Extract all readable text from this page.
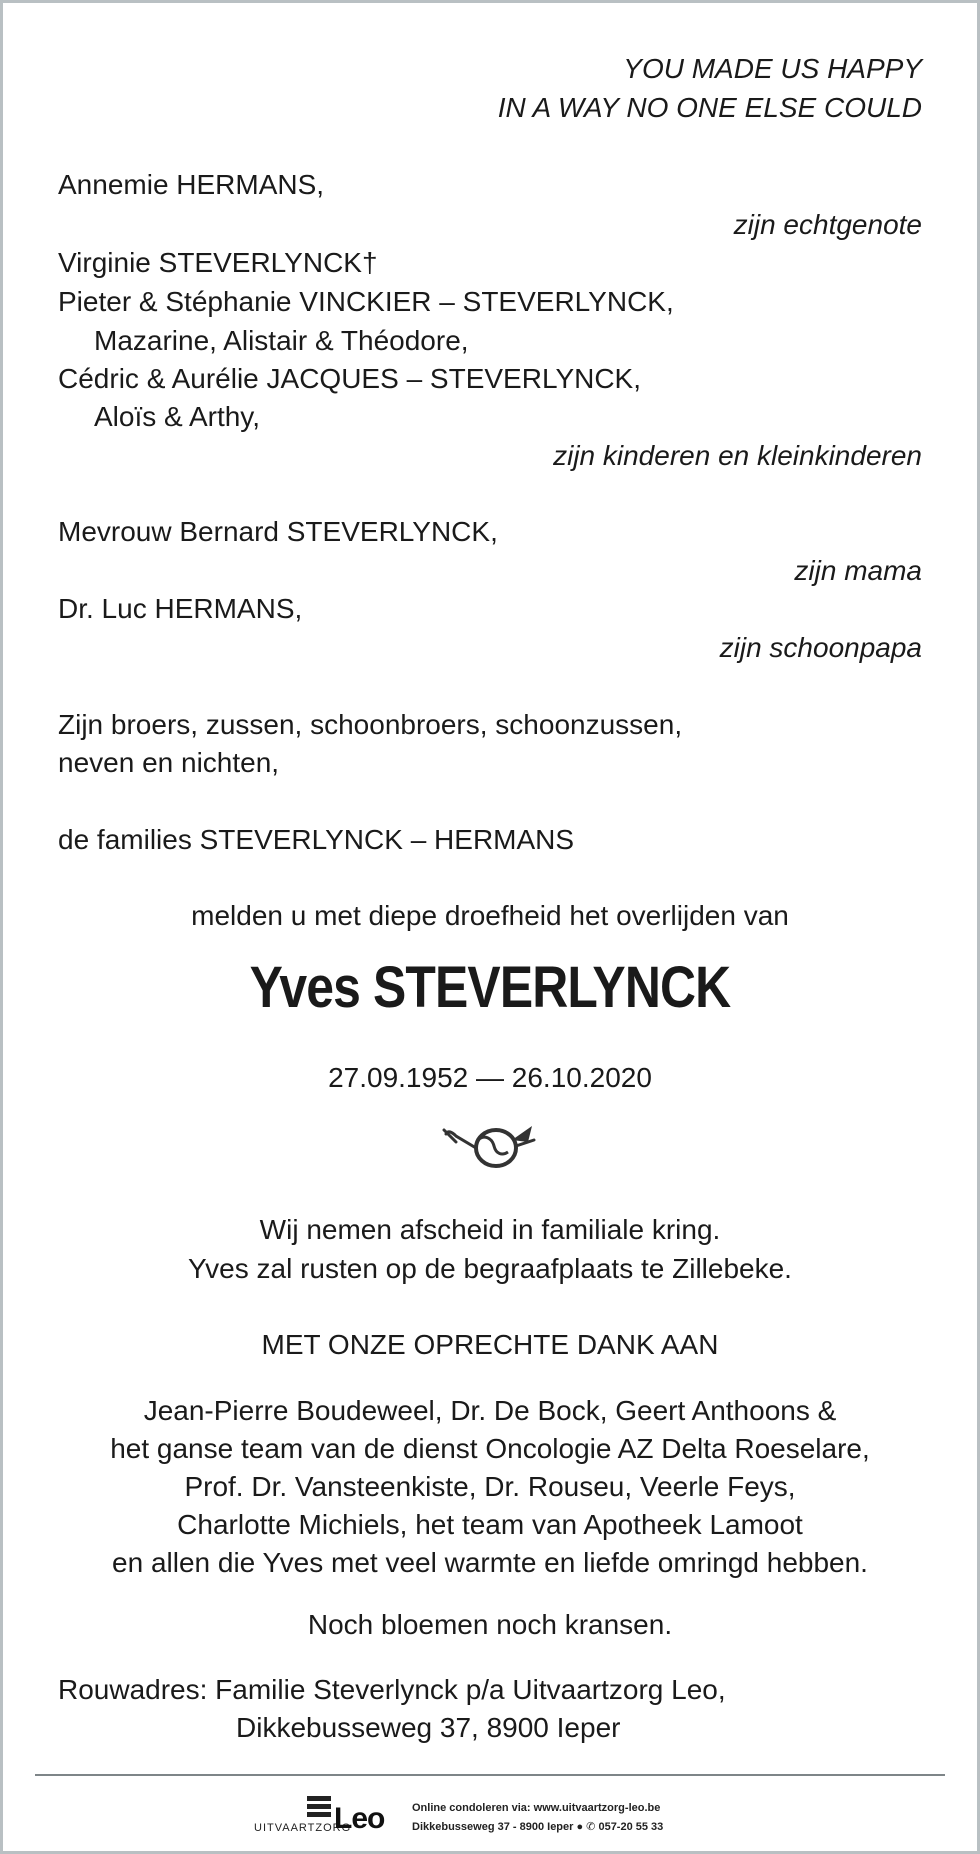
YOU MADE US HAPPY
IN A WAY NO ONE ELSE COULD
Annemie HERMANS,
zijn echtgenote
Virginie STEVERLYNCK†
Pieter & Stéphanie VINCKIER – STEVERLYNCK,
Mazarine, Alistair & Théodore,
Cédric & Aurélie JACQUES – STEVERLYNCK,
Aloïs & Arthy,
zijn kinderen en kleinkinderen
Mevrouw Bernard STEVERLYNCK,
zijn mama
Dr. Luc HERMANS,
zijn schoonpapa
Zijn broers, zussen, schoonbroers, schoonzussen,
neven en nichten,
de families STEVERLYNCK – HERMANS
melden u met diepe droefheid het overlijden van
Yves STEVERLYNCK
27.09.1952 — 26.10.2020
Wij nemen afscheid in familiale kring.
Yves zal rusten op de begraafplaats te Zillebeke.
MET ONZE OPRECHTE DANK AAN
Jean-Pierre Boudeweel, Dr. De Bock, Geert Anthoons &
het ganse team van de dienst Oncologie AZ Delta Roeselare,
Prof. Dr. Vansteenkiste, Dr. Rouseu, Veerle Feys,
Charlotte Michiels, het team van Apotheek Lamoot
en allen die Yves met veel warmte en liefde omringd hebben.
Noch bloemen noch kransen.
Rouwadres: Familie Steverlynck p/a Uitvaartzorg Leo,
Dikkebusseweg 37, 8900 Ieper
UITVAARTZORG
Leo	Online condoleren via: www.uitvaartzorg-leo.be
Dikkebusseweg 37 - 8900 Ieper ● ✆ 057-20 55 33
